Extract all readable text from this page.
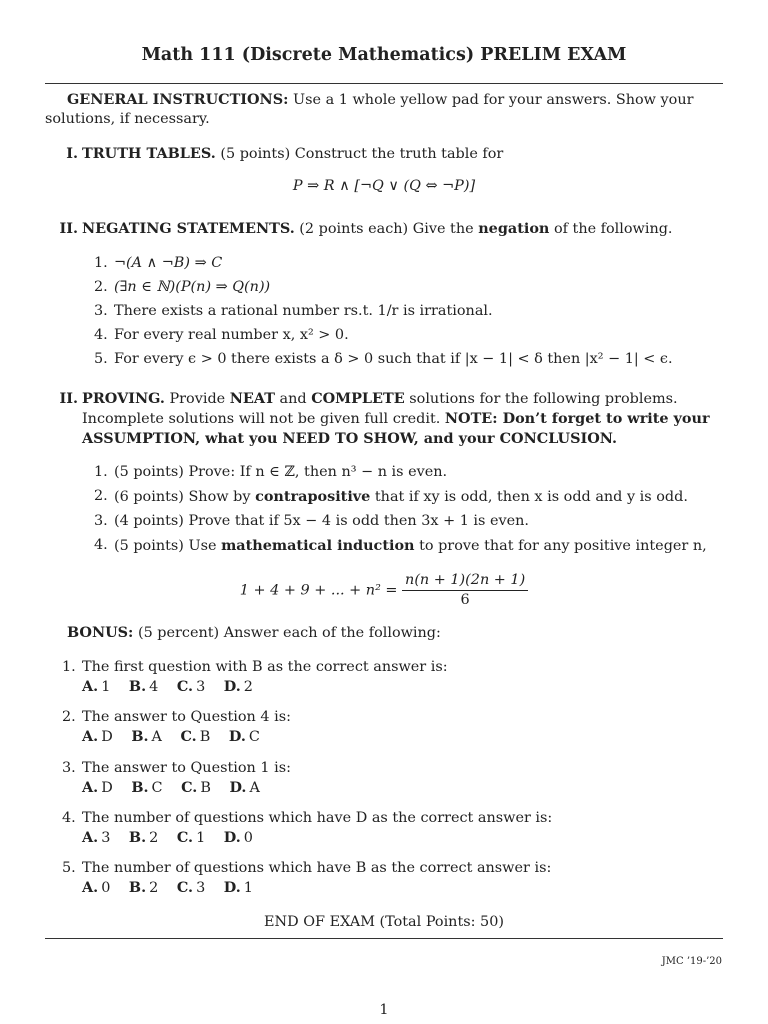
Math 111 (Discrete Mathematics) PRELIM EXAM
GENERAL INSTRUCTIONS: Use a 1 whole yellow pad for your answers. Show your solutions, if necessary.
I. TRUTH TABLES. (5 points) Construct the truth table for
P ⇒ R ∧ [¬Q ∨ (Q ⇔ ¬P)]
II. NEGATING STATEMENTS. (2 points each) Give the negation of the following.
1. ¬(A ∧ ¬B) ⇒ C
2. (∃n ∈ ℕ)(P(n) ⇒ Q(n))
3. There exists a rational number rs.t. 1/r is irrational.
4. For every real number x, x² > 0.
5. For every ϵ > 0 there exists a δ > 0 such that if |x − 1| < δ then |x² − 1| < ϵ.
II. PROVING. Provide NEAT and COMPLETE solutions for the following problems. Incomplete solutions will not be given full credit. NOTE: Don’t forget to write your ASSUMPTION, what you NEED TO SHOW, and your CONCLUSION.
1. (5 points) Prove: If n ∈ ℤ, then n³ − n is even.
2. (6 points) Show by contrapositive that if xy is odd, then x is odd and y is odd.
3. (4 points) Prove that if 5x − 4 is odd then 3x + 1 is even.
4. (5 points) Use mathematical induction to prove that for any positive integer n,
1 + 4 + 9 + ... + $n^2 = \frac{n(n + 1)(2n + 1)}{6}$
BONUS: (5 percent) Answer each of the following:
1. The first question with B as the correct answer is:
A. 1 B. 4 C. 3 D. 2
2. The answer to Question 4 is:
A. D B. A C. B D. C
3. The answer to Question 1 is:
A. D B. C C. B D. A
4. The number of questions which have D as the correct answer is:
A. 3 B. 2 C. 1 D. 0
5. The number of questions which have B as the correct answer is:
A. 0 B. 2 C. 3 D. 1
END OF EXAM (Total Points: 50)
JMC ’19-’20
1
